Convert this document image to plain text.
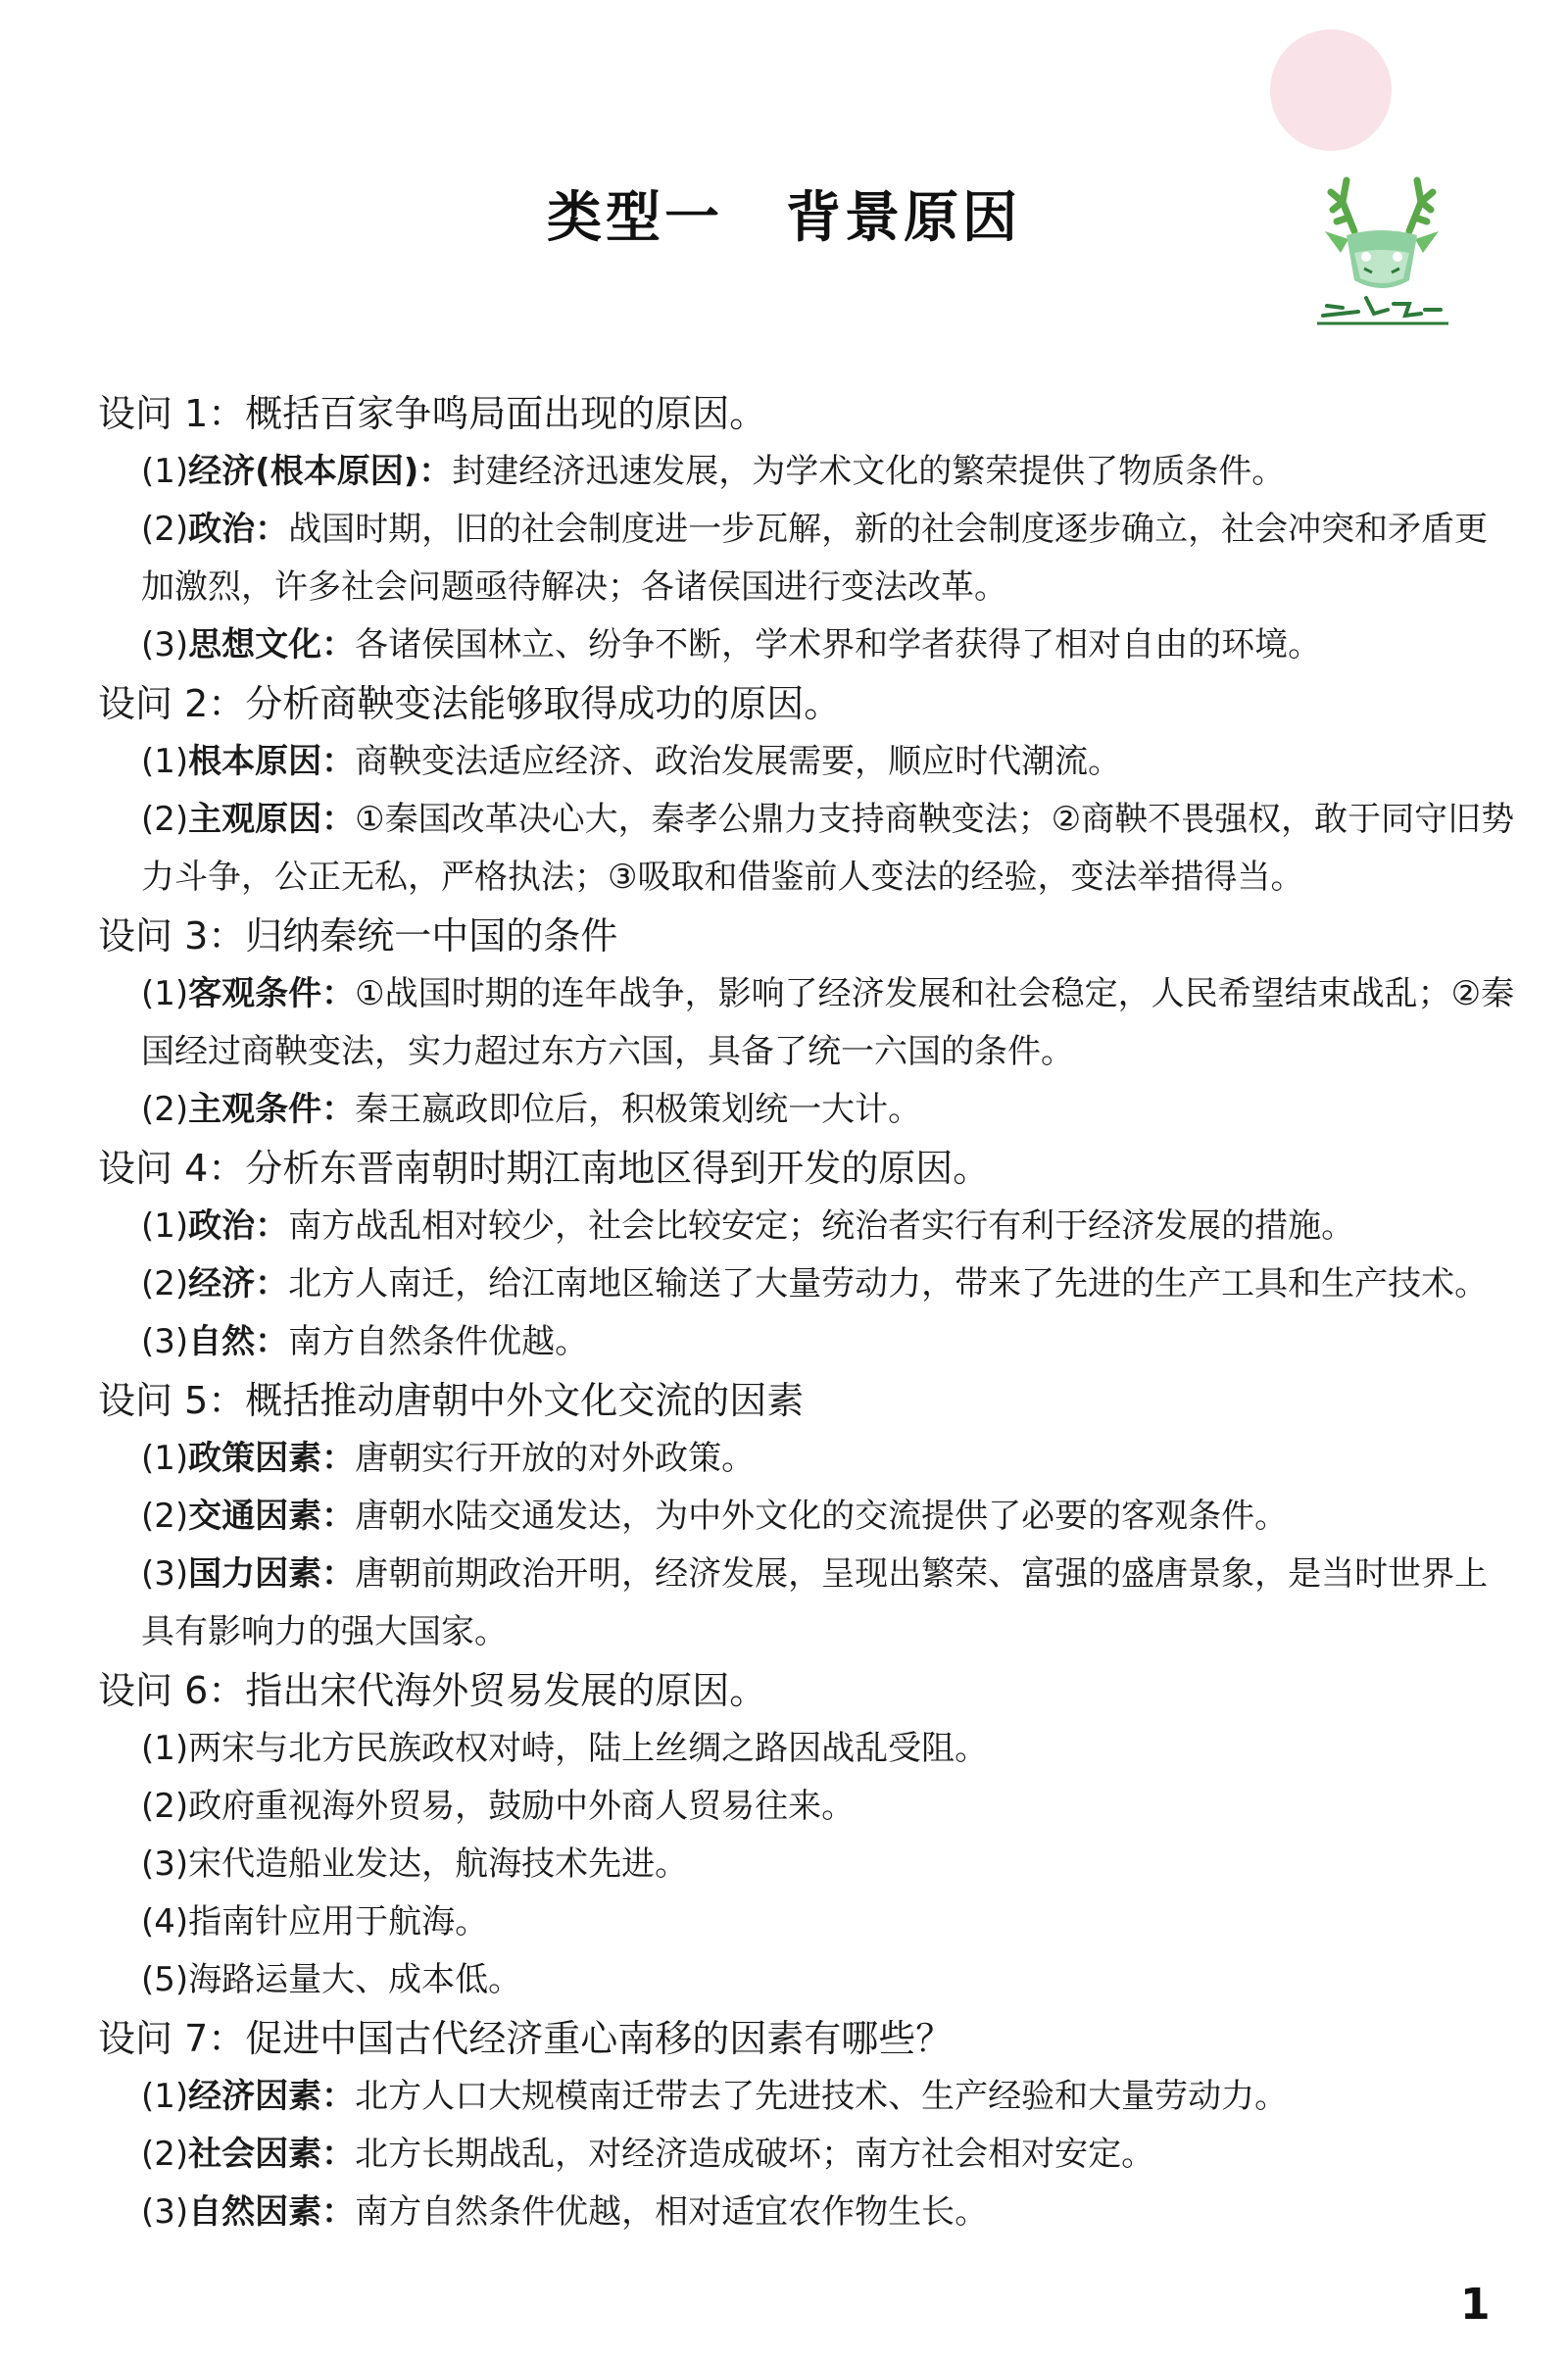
类型一 背景原因
设问 1：概括百家争鸣局面出现的原因。
(1)经济(根本原因)：封建经济迅速发展，为学术文化的繁荣提供了物质条件。
(2)政治：战国时期，旧的社会制度进一步瓦解，新的社会制度逐步确立，社会冲突和矛盾更加激烈，许多社会问题亟待解决；各诸侯国进行变法改革。
(3)思想文化：各诸侯国林立、纷争不断，学术界和学者获得了相对自由的环境。
设问 2：分析商鞅变法能够取得成功的原因。
(1)根本原因：商鞅变法适应经济、政治发展需要，顺应时代潮流。
(2)主观原因：①秦国改革决心大，秦孝公鼎力支持商鞅变法；②商鞅不畏强权，敢于同守旧势力斗争，公正无私，严格执法；③吸取和借鉴前人变法的经验，变法举措得当。
设问 3：归纳秦统一中国的条件
(1)客观条件：①战国时期的连年战争，影响了经济发展和社会稳定，人民希望结束战乱；②秦国经过商鞅变法，实力超过东方六国，具备了统一六国的条件。
(2)主观条件：秦王嬴政即位后，积极策划统一大计。
设问 4：分析东晋南朝时期江南地区得到开发的原因。
(1)政治：南方战乱相对较少，社会比较安定；统治者实行有利于经济发展的措施。
(2)经济：北方人南迁，给江南地区输送了大量劳动力，带来了先进的生产工具和生产技术。
(3)自然：南方自然条件优越。
设问 5：概括推动唐朝中外文化交流的因素
(1)政策因素：唐朝实行开放的对外政策。
(2)交通因素：唐朝水陆交通发达，为中外文化的交流提供了必要的客观条件。
(3)国力因素：唐朝前期政治开明，经济发展，呈现出繁荣、富强的盛唐景象，是当时世界上具有影响力的强大国家。
设问 6：指出宋代海外贸易发展的原因。
(1)两宋与北方民族政权对峙，陆上丝绸之路因战乱受阻。
(2)政府重视海外贸易，鼓励中外商人贸易往来。
(3)宋代造船业发达，航海技术先进。
(4)指南针应用于航海。
(5)海路运量大、成本低。
设问 7：促进中国古代经济重心南移的因素有哪些？
(1)经济因素：北方人口大规模南迁带去了先进技术、生产经验和大量劳动力。
(2)社会因素：北方长期战乱，对经济造成破坏；南方社会相对安定。
(3)自然因素：南方自然条件优越，相对适宜农作物生长。
1
